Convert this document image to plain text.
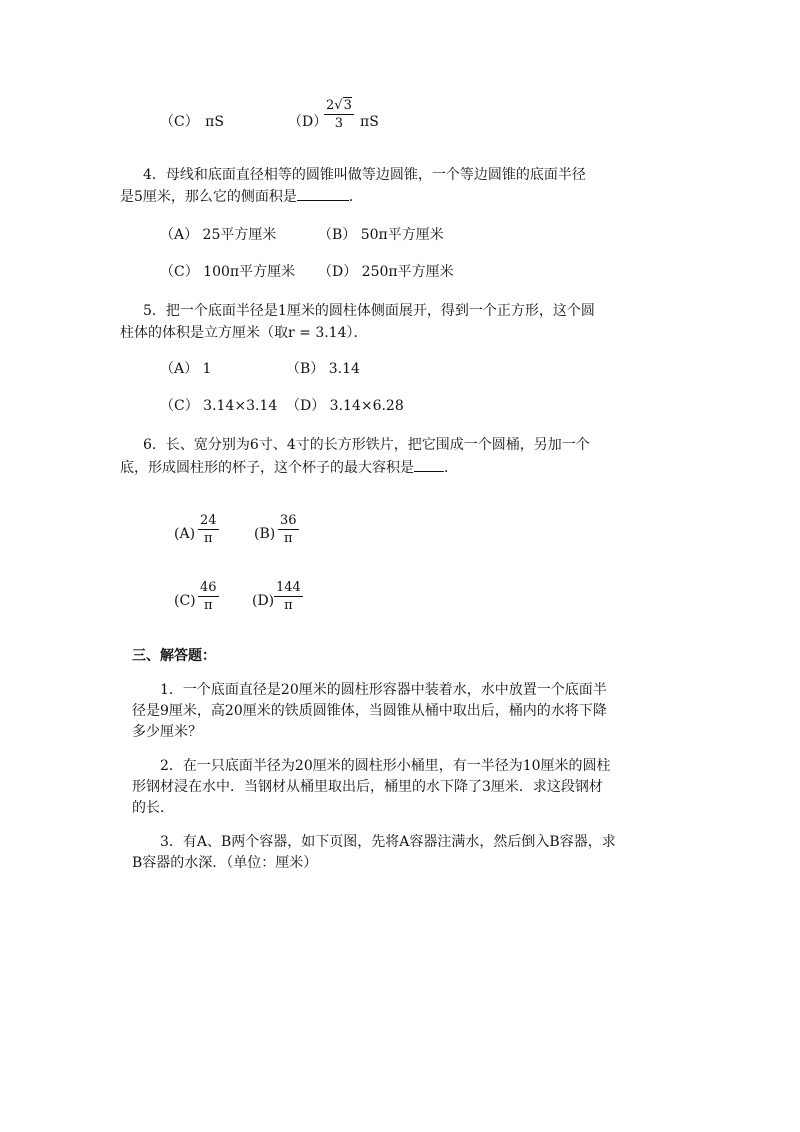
（C） πS	（D）
$\frac{2√3}{3}$ πS
4．母线和底面直径相等的圆锥叫做等边圆锥，一个等边圆锥的底面半径
是5厘米，那么它的侧面积是	．
（A） 25平方厘米	（B） 50π平方厘米
（C） 100π平方厘米 （D） 250π平方厘米
5．把一个底面半径是1厘米的圆柱体侧面展开，得到一个正方形，这个圆
柱体的体积是立方厘米（取r = 3.14）．
（A） 1	（B） 3.14
（C） 3.14×3.14 （D） 3.14×6.28
6．长、宽分别为6寸、4寸的长方形铁片，把它围成一个圆桶，另加一个
底，形成圆柱形的杯子，这个杯子的最大容积是 ．
$(A) \frac{24}{\pi}$	$(B) \frac{36}{\pi}$
$(C) \frac{46}{\pi} (D) \frac{144}{\pi}$
三、解答题：
1．一个底面直径是20厘米的圆柱形容器中装着水，水中放置一个底面半
径是9厘米，高20厘米的铁质圆锥体，当圆锥从桶中取出后，桶内的水将下降
多少厘米？
2．在一只底面半径为20厘米的圆柱形小桶里，有一半径为10厘米的圆柱
形钢材浸在水中．当钢材从桶里取出后，桶里的水下降了3厘米．求这段钢材
的长．
3．有A、B两个容器，如下页图，先将A容器注满水，然后倒入B容器，求
B容器的水深．（单位：厘米）
